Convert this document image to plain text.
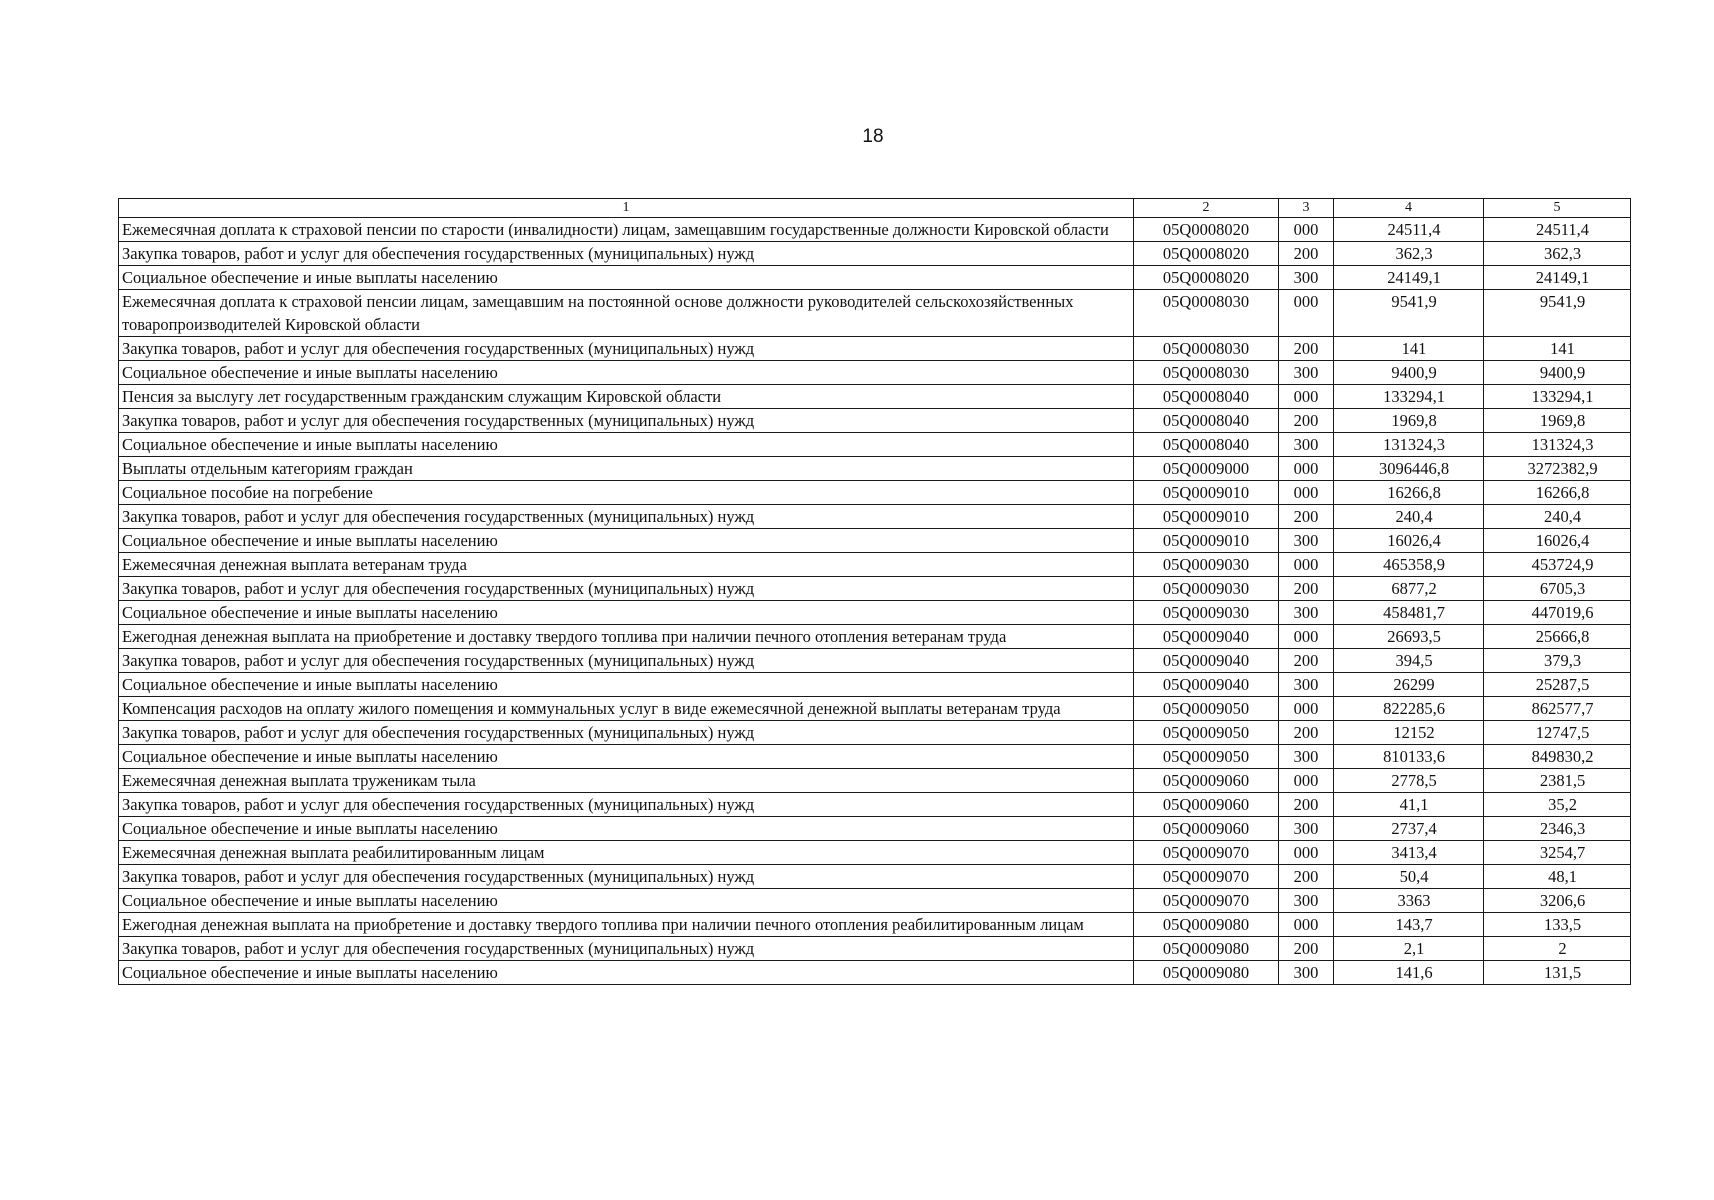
18
1	2	3	4	5
Ежемесячная доплата к страховой пенсии по старости (инвалидности) лицам, замещавшим государственные должности Кировской области	05Q0008020	000	24511,4	24511,4
Закупка товаров, работ и услуг для обеспечения государственных (муниципальных) нужд	05Q0008020	200	362,3	362,3
Социальное обеспечение и иные выплаты населению	05Q0008020	300	24149,1	24149,1
Ежемесячная доплата к страховой пенсии лицам, замещавшим на постоянной основе должности руководителей сельскохозяйственных товаропроизводителей Кировской области	05Q0008030	000	9541,9	9541,9
Закупка товаров, работ и услуг для обеспечения государственных (муниципальных) нужд	05Q0008030	200	141	141
Социальное обеспечение и иные выплаты населению	05Q0008030	300	9400,9	9400,9
Пенсия за выслугу лет государственным гражданским служащим Кировской области	05Q0008040	000	133294,1	133294,1
Закупка товаров, работ и услуг для обеспечения государственных (муниципальных) нужд	05Q0008040	200	1969,8	1969,8
Социальное обеспечение и иные выплаты населению	05Q0008040	300	131324,3	131324,3
Выплаты отдельным категориям граждан	05Q0009000	000	3096446,8	3272382,9
Социальное пособие на погребение	05Q0009010	000	16266,8	16266,8
Закупка товаров, работ и услуг для обеспечения государственных (муниципальных) нужд	05Q0009010	200	240,4	240,4
Социальное обеспечение и иные выплаты населению	05Q0009010	300	16026,4	16026,4
Ежемесячная денежная выплата ветеранам труда	05Q0009030	000	465358,9	453724,9
Закупка товаров, работ и услуг для обеспечения государственных (муниципальных) нужд	05Q0009030	200	6877,2	6705,3
Социальное обеспечение и иные выплаты населению	05Q0009030	300	458481,7	447019,6
Ежегодная денежная выплата на приобретение и доставку твердого топлива при наличии печного отопления ветеранам труда	05Q0009040	000	26693,5	25666,8
Закупка товаров, работ и услуг для обеспечения государственных (муниципальных) нужд	05Q0009040	200	394,5	379,3
Социальное обеспечение и иные выплаты населению	05Q0009040	300	26299	25287,5
Компенсация расходов на оплату жилого помещения и коммунальных услуг в виде ежемесячной денежной выплаты ветеранам труда	05Q0009050	000	822285,6	862577,7
Закупка товаров, работ и услуг для обеспечения государственных (муниципальных) нужд	05Q0009050	200	12152	12747,5
Социальное обеспечение и иные выплаты населению	05Q0009050	300	810133,6	849830,2
Ежемесячная денежная выплата труженикам тыла	05Q0009060	000	2778,5	2381,5
Закупка товаров, работ и услуг для обеспечения государственных (муниципальных) нужд	05Q0009060	200	41,1	35,2
Социальное обеспечение и иные выплаты населению	05Q0009060	300	2737,4	2346,3
Ежемесячная денежная выплата реабилитированным лицам	05Q0009070	000	3413,4	3254,7
Закупка товаров, работ и услуг для обеспечения государственных (муниципальных) нужд	05Q0009070	200	50,4	48,1
Социальное обеспечение и иные выплаты населению	05Q0009070	300	3363	3206,6
Ежегодная денежная выплата на приобретение и доставку твердого топлива при наличии печного отопления реабилитированным лицам	05Q0009080	000	143,7	133,5
Закупка товаров, работ и услуг для обеспечения государственных (муниципальных) нужд	05Q0009080	200	2,1	2
Социальное обеспечение и иные выплаты населению	05Q0009080	300	141,6	131,5
